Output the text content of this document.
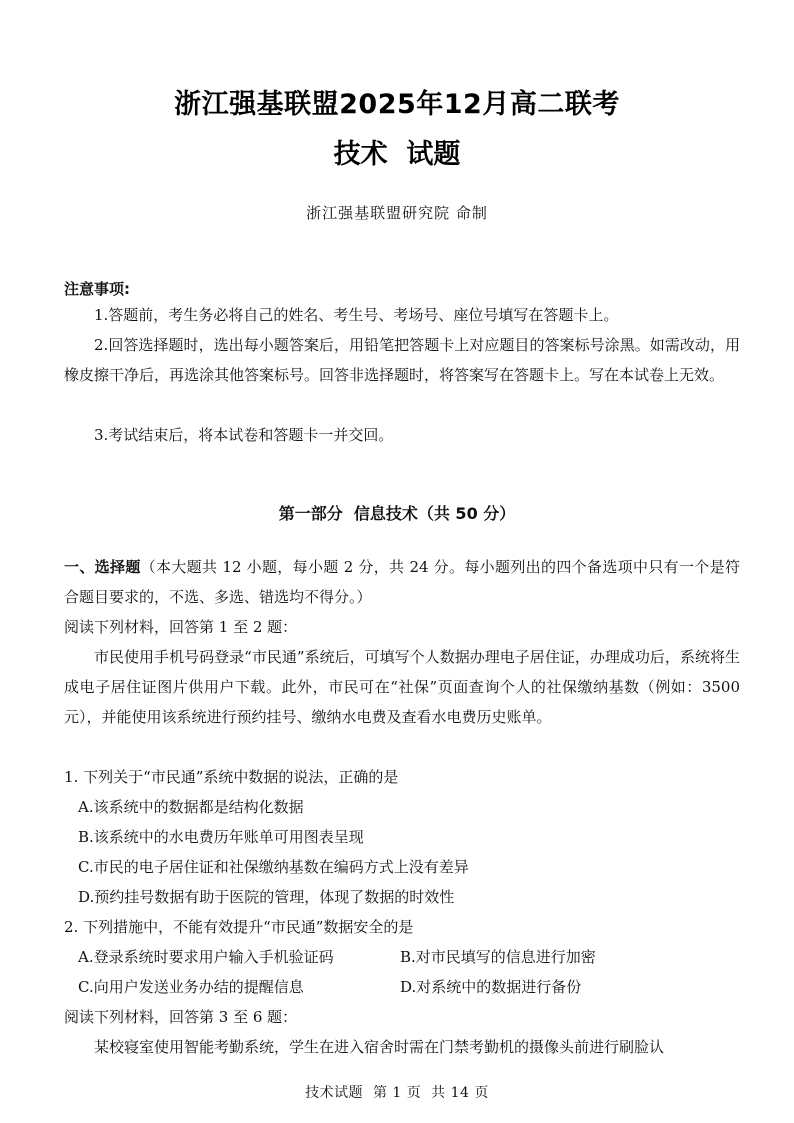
浙江强基联盟2025年12月高二联考
技术  试题
浙江强基联盟研究院 命制
注意事项:
1.答题前，考生务必将自己的姓名、考生号、考场号、座位号填写在答题卡上。
2.回答选择题时，选出每小题答案后，用铅笔把答题卡上对应题目的答案标号涂黑。如需改动，用橡皮擦干净后，再选涂其他答案标号。回答非选择题时，将答案写在答题卡上。写在本试卷上无效。
3.考试结束后，将本试卷和答题卡一并交回。
第一部分  信息技术（共 50 分）
一、选择题（本大题共 12 小题，每小题 2 分，共 24 分。每小题列出的四个备选项中只有一个是符合题目要求的，不选、多选、错选均不得分。）
阅读下列材料，回答第 1 至 2 题：
市民使用手机号码登录“市民通”系统后，可填写个人数据办理电子居住证，办理成功后，系统将生成电子居住证图片供用户下载。此外，市民可在“社保”页面查询个人的社保缴纳基数（例如：3500 元），并能使用该系统进行预约挂号、缴纳水电费及查看水电费历史账单。
1. 下列关于“市民通”系统中数据的说法，正确的是
A.该系统中的数据都是结构化数据
B.该系统中的水电费历年账单可用图表呈现
C.市民的电子居住证和社保缴纳基数在编码方式上没有差异
D.预约挂号数据有助于医院的管理，体现了数据的时效性
2. 下列措施中，不能有效提升“市民通”数据安全的是
A.登录系统时要求用户输入手机验证码	B.对市民填写的信息进行加密
C.向用户发送业务办结的提醒信息	D.对系统中的数据进行备份
阅读下列材料，回答第 3 至 6 题：
某校寝室使用智能考勤系统，学生在进入宿舍时需在门禁考勤机的摄像头前进行刷脸认
技术试题  第 1 页  共 14 页
